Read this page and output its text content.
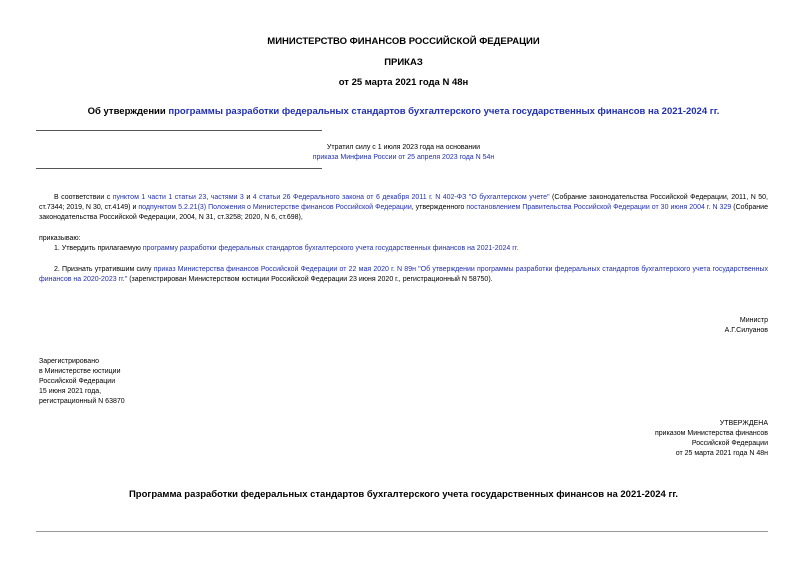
МИНИСТЕРСТВО ФИНАНСОВ РОССИЙСКОЙ ФЕДЕРАЦИИ
ПРИКАЗ
от 25 марта 2021 года N 48н
Об утверждении программы разработки федеральных стандартов бухгалтерского учета государственных финансов на 2021-2024 гг.
Утратил силу с 1 июля 2023 года на основании
приказа Минфина России от 25 апреля 2023 года N 54н
В соответствии с пунктом 1 части 1 статьи 23, частями 3 и 4 статьи 26 Федерального закона от 6 декабря 2011 г. N 402-ФЗ "О бухгалтерском учете" (Собрание законодательства Российской Федерации, 2011, N 50, ст.7344; 2019, N 30, ст.4149) и подпунктом 5.2.21(3) Положения о Министерстве финансов Российской Федерации, утвержденного постановлением Правительства Российской Федерации от 30 июня 2004 г. N 329 (Собрание законодательства Российской Федерации, 2004, N 31, ст.3258; 2020, N 6, ст.698),
приказываю:
1. Утвердить прилагаемую программу разработки федеральных стандартов бухгалтерского учета государственных финансов на 2021-2024 гг.
2. Признать утратившим силу приказ Министерства финансов Российской Федерации от 22 мая 2020 г. N 89н "Об утверждении программы разработки федеральных стандартов бухгалтерского учета государственных финансов на 2020-2023 гг." (зарегистрирован Министерством юстиции Российской Федерации 23 июня 2020 г., регистрационный N 58750).
Министр
А.Г.Силуанов
Зарегистрировано
в Министерстве юстиции
Российской Федерации
15 июня 2021 года,
регистрационный N 63870
УТВЕРЖДЕНА
приказом Министерства финансов
Российской Федерации
от 25 марта 2021 года N 48н
Программа разработки федеральных стандартов бухгалтерского учета государственных финансов на 2021-2024 гг.
